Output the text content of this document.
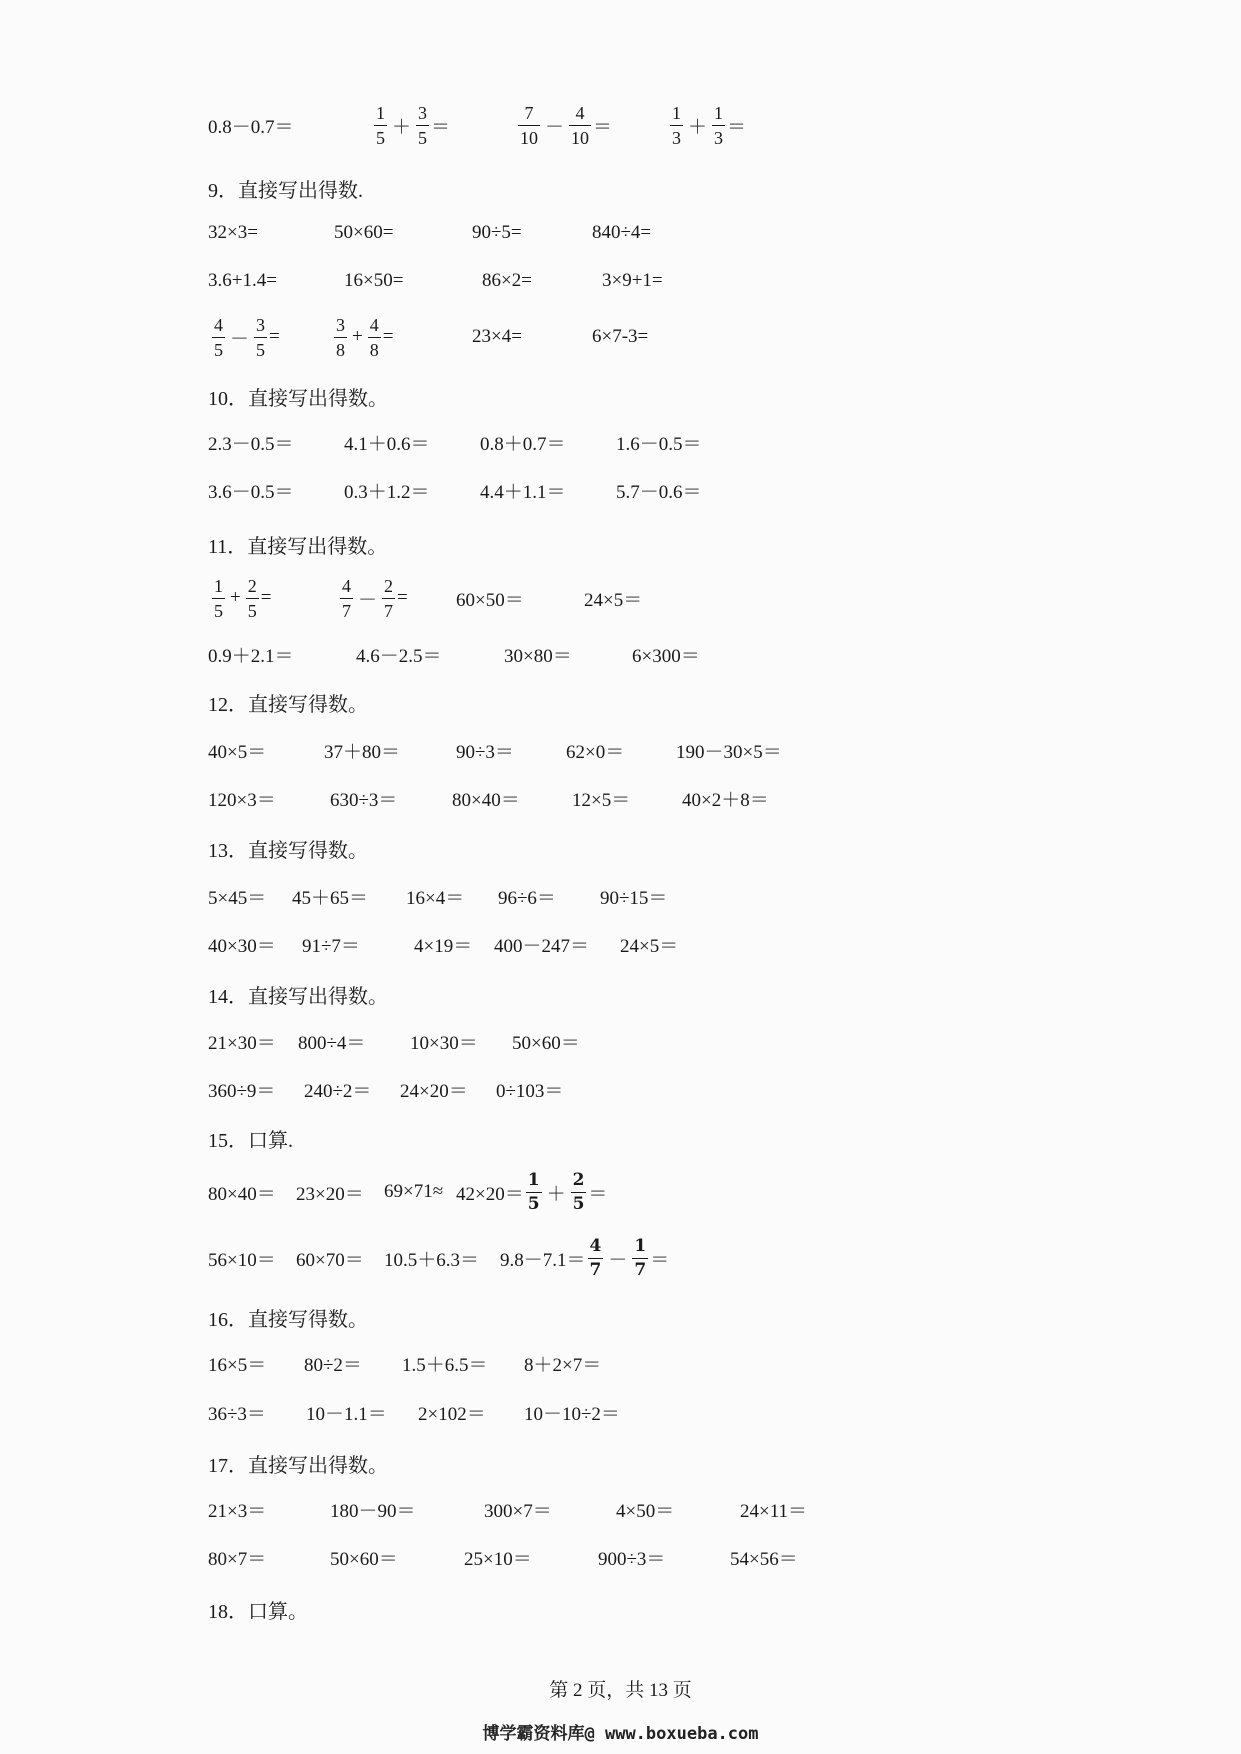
0.8－0.7＝	$\frac{1}{5} + \frac{3}{5}$ ＝	$\frac{7}{10} - \frac{4}{10}$ ＝	$\frac{1}{3} + \frac{1}{3}$ ＝
9．直接写出得数.
32×3=	50×60=	90÷5=	840÷4=
3.6+1.4=	16×50=	86×2=	3×9+1=
$\frac{4}{5} - \frac{3}{5}$ =	$\frac{3}{8} + \frac{4}{8}$ =	23×4=	6×7-3=
10．直接写出得数。
2.3－0.5＝	4.1＋0.6＝	0.8＋0.7＝	1.6－0.5＝
3.6－0.5＝	0.3＋1.2＝	4.4＋1.1＝	5.7－0.6＝
11．直接写出得数。
$\frac{1}{5} + \frac{2}{5}$ =	$\frac{4}{7} - \frac{2}{7}$ =	60×50＝	24×5＝
0.9＋2.1＝	4.6－2.5＝	30×80＝	6×300＝
12．直接写得数。
40×5＝	37＋80＝	90÷3＝	62×0＝	190－30×5＝
120×3＝	630÷3＝	80×40＝	12×5＝	40×2＋8＝
13．直接写得数。
5×45＝ 45＋65＝ 16×4＝ 96÷6＝ 90÷15＝
40×30＝ 91÷7＝	4×19＝ 400－247＝ 24×5＝
14．直接写出得数。
21×30＝ 800÷4＝ 10×30＝ 50×60＝
360÷9＝ 240÷2＝ 24×20＝ 0÷103＝
15．口算.
$80\times 40= 23\times 20= 69\times 71\approx 42\times 20= \frac{1}{5} + \frac{2}{5}$ ＝
$56\times 10= 60\times 70= 10.5+6.3= 9.8-7.1= \frac{4}{7} - \frac{1}{7}$ ＝
16．直接写得数。
16×5＝ 80÷2＝ 1.5＋6.5＝ 8＋2×7＝
36÷3＝ 10－1.1＝ 2×102＝ 10－10÷2＝
17．直接写出得数。
21×3＝	180－90＝	300×7＝	4×50＝	24×11＝
80×7＝	50×60＝	25×10＝	900÷3＝	54×56＝
18．口算。
第 2 页，共 13 页
博学霸资料库@ www.boxueba.com
